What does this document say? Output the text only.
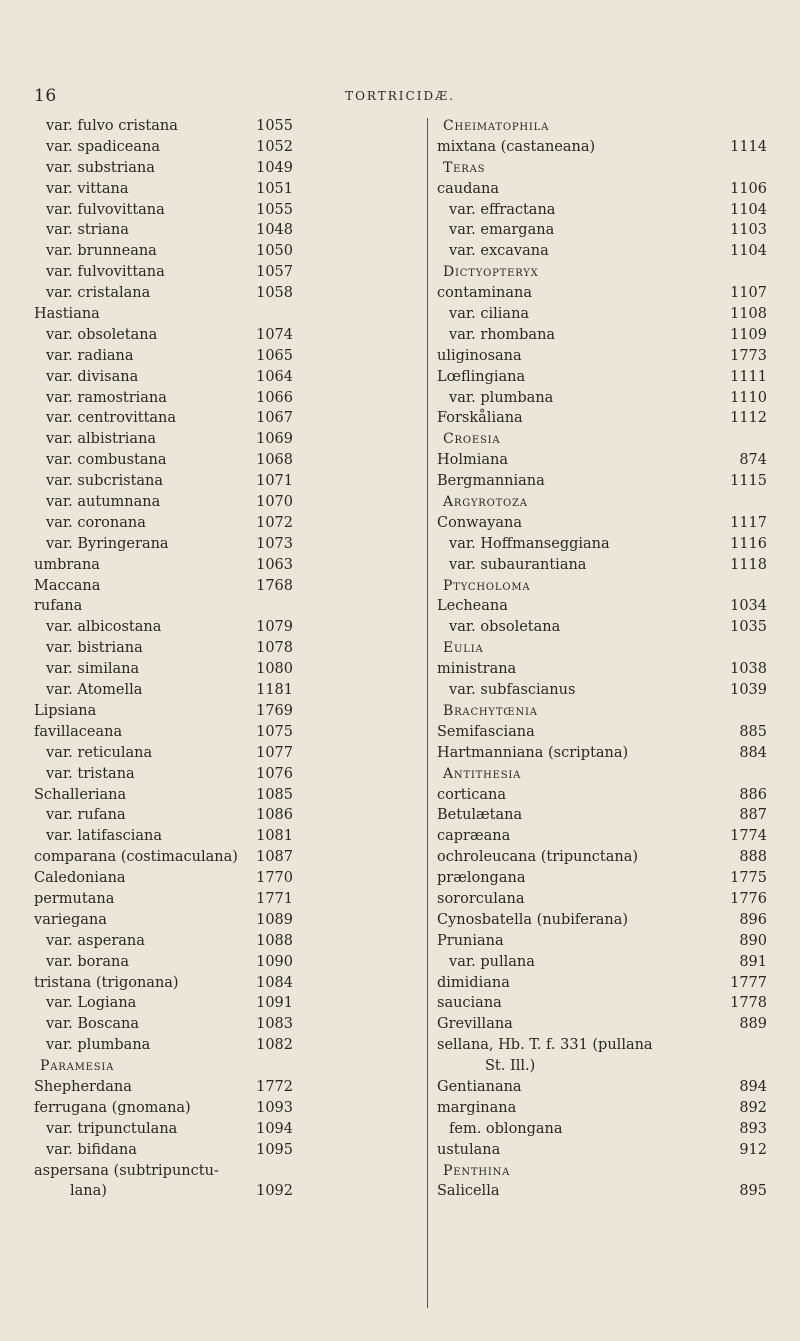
16	TORTRICIDÆ.
var. fulvo cristana	1055
var. spadiceana	1052
var. substriana	1049
var. vittana	1051
var. fulvovittana	1055
var. striana	1048
var. brunneana	1050
var. fulvovittana	1057
var. cristalana	1058
Hastiana
var. obsoletana	1074
var. radiana	1065
var. divisana	1064
var. ramostriana	1066
var. centrovittana	1067
var. albistriana	1069
var. combustana	1068
var. subcristana	1071
var. autumnana	1070
var. coronana	1072
var. Byringerana	1073
umbrana	1063
Maccana	1768
rufana
var. albicostana	1079
var. bistriana	1078
var. similana	1080
var. Atomella	1181
Lipsiana	1769
favillaceana	1075
var. reticulana	1077
var. tristana	1076
Schalleriana	1085
var. rufana	1086
var. latifasciana	1081
comparana (costimaculana) 1087
Caledoniana	1770
permutana	1771
variegana	1089
var. asperana	1088
var. borana	1090
tristana (trigonana)	1084
var. Logiana	1091
var. Boscana	1083
var. plumbana	1082
Paramesia
Shepherdana	1772
ferrugana (gnomana)	1093
var. tripunctulana	1094
var. bifidana	1095
aspersana (subtripunctu-
lana)	1092
Cheimatophila
mixtana (castaneana)	1114
Teras
caudana	1106
var. effractana	1104
var. emargana	1103
var. excavana	1104
Dictyopteryx
contaminana	1107
var. ciliana	1108
var. rhombana	1109
uliginosana	1773
Lœflingiana	1111
var. plumbana	1110
Forskåliana	1112
Croesia
Holmiana	874
Bergmanniana	1115
Argyrotoza
Conwayana	1117
var. Hoffmanseggiana	1116
var. subaurantiana	1118
Ptycholoma
Lecheana	1034
var. obsoletana	1035
Eulia
ministrana	1038
var. subfascianus	1039
Brachytœnia
Semifasciana	885
Hartmanniana (scriptana)	884
Antithesia
corticana	886
Betulætana	887
capræana	1774
ochroleucana (tripunctana)	888
prælongana	1775
sororculana	1776
Cynosbatella (nubiferana)	896
Pruniana	890
var. pullana	891
dimidiana	1777
sauciana	1778
Grevillana	889
sellana, Hb. T. f. 331 (pullana
St. Ill.)
Gentianana	894
marginana	892
fem. oblongana	893
ustulana	912
Penthina
Salicella	895
